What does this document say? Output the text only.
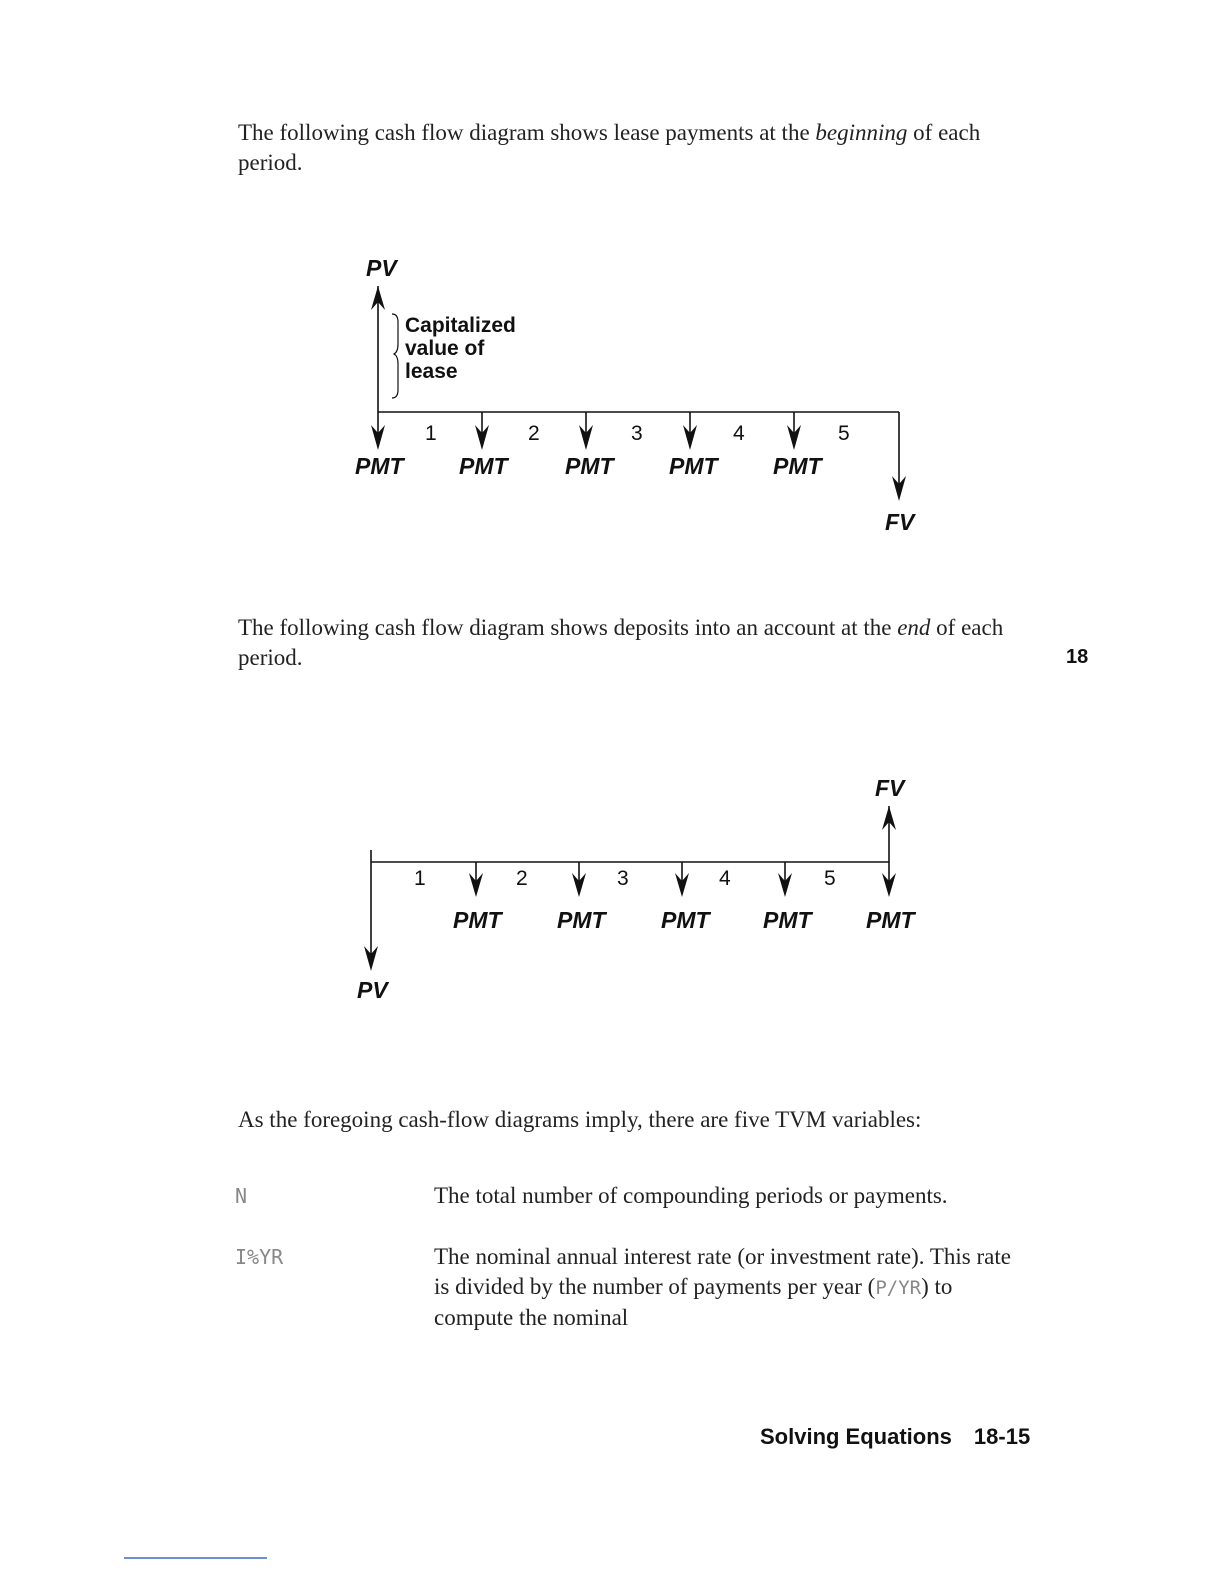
The following cash flow diagram shows lease payments at the beginning of each period.

PV
Capitalized
value of
lease
1	2	3	4	5
PMT PMT PMT PMT PMT
FV

The following cash flow diagram shows deposits into an account at the end of each period.	18
FV
1	2	3	4	5
PMT PMT PMT PMT PMT
PV

As the foregoing cash-flow diagrams imply, there are five TVM variables:

N	The total number of compounding periods or payments.

I%YR	The nominal annual interest rate (or investment rate). This rate is divided by the number of payments per year (P/YR) to compute the nominal

Solving Equations 18-15
